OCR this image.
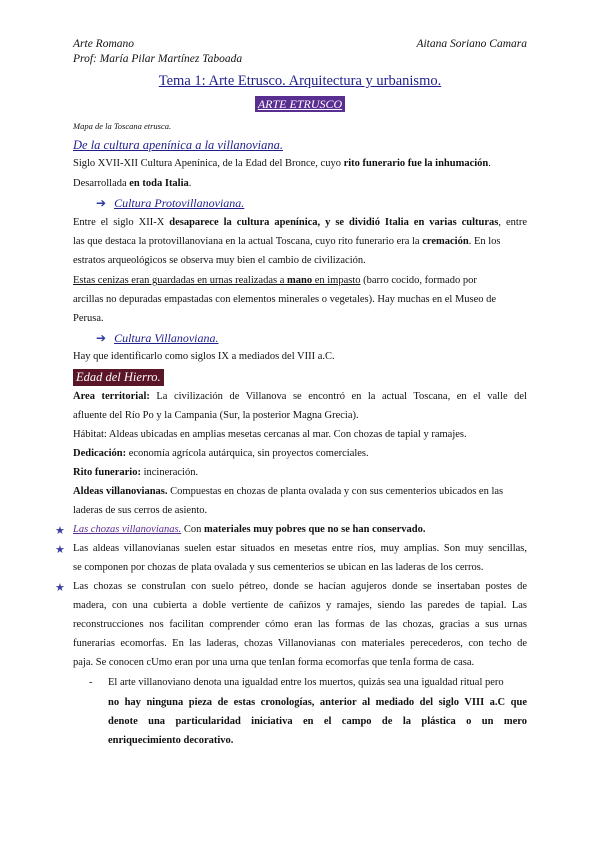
Arte Romano
Prof: María Pilar Martínez Taboada
Aitana Soriano Camara
Tema 1: Arte Etrusco. Arquitectura y urbanismo.
ARTE ETRUSCO
Mapa de la Toscana etrusca.
De la cultura apenínica a la villanoviana.
Siglo XVII-XII Cultura Apenínica, de la Edad del Bronce, cuyo rito funerario fue la inhumación.
Desarrollada en toda Italia.
➔ Cultura Protovillanoviana.
Entre el siglo XII-X desaparece la cultura apenínica, y se dividió Italia en varias culturas, entre
las que destaca la protovillanoviana en la actual Toscana, cuyo rito funerario era la cremación. En los
estratos arqueológicos se observa muy bien el cambio de civilización.
Estas cenizas eran guardadas en urnas realizadas a mano en impasto (barro cocido, formado por
arcillas no depuradas empastadas con elementos minerales o vegetales). Hay muchas en el Museo de
Perusa.
➔ Cultura Villanoviana.
Hay que identificarlo como siglos IX a mediados del VIII a.C.
Edad del Hierro.
Área territorial: La civilización de Villanova se encontró en la actual Toscana, en el valle del
afluente del Río Po y la Campania (Sur, la posterior Magna Grecia).
Hábitat: Aldeas ubicadas en amplias mesetas cercanas al mar. Con chozas de tapial y ramajes.
Dedicación: economía agrícola autárquica, sin proyectos comerciales.
Rito funerario: incineración.
Aldeas villanovianas. Compuestas en chozas de planta ovalada y con sus cementerios ubicados en las
laderas de sus cerros de asiento.
★ Las chozas villanovianas. Con materiales muy pobres que no se han conservado.
★ Las aldeas villanovianas suelen estar situados en mesetas entre ríos, muy amplias. Son muy sencillas,
se componen por chozas de plata ovalada y sus cementerios se ubican en las laderas de los cerros.
★ Las chozas se construÌan con suelo pétreo, donde se hacían agujeros donde se insertaban postes de
madera, con una cubierta a doble vertiente de cañizos y ramajes, siendo las paredes de tapial. Las
reconstrucciones nos facilitan comprender cómo eran las formas de las chozas, gracias a sus urnas
funerarias ecomorfas. En las laderas, chozas Villanovianas con materiales perecederos, con techo de
paja. Se conocen cÚmo eran por una urna que tenÌan forma ecomorfas que tenÌa forma de casa.
- El arte villanoviano denota una igualdad entre los muertos, quizás sea una igualdad ritual pero
no hay ninguna pieza de estas cronologías, anterior al mediado del siglo VIII a.C que
denote una particularidad iniciativa en el campo de la plástica o un mero
enriquecimiento decorativo.
